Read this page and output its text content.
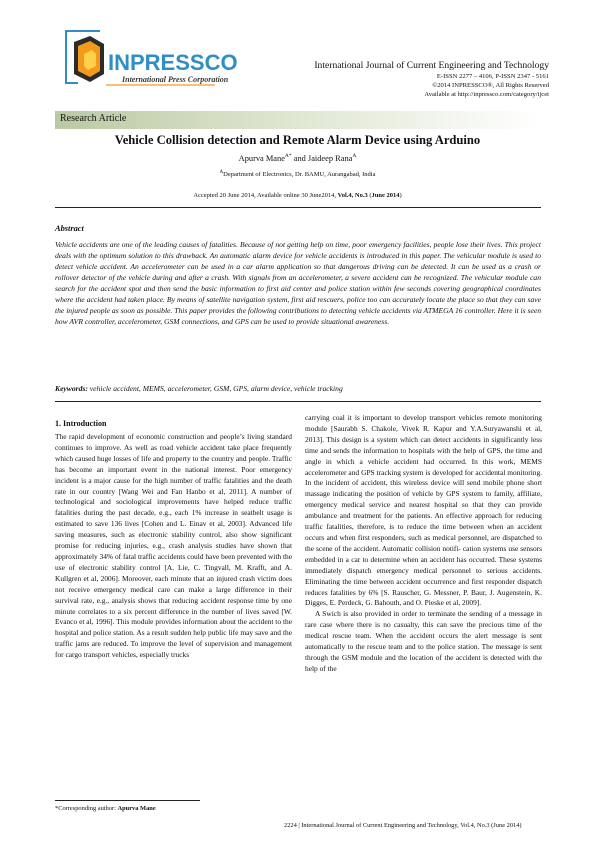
INPRESSCO
International Press Corporation
International Journal of Current Engineering and Technology
E-ISSN 2277 – 4106, P-ISSN 2347 - 5161
©2014 INPRESSCO®, All Rights Reserved
Available at http://inpressco.com/category/ijcet
Research Article
Vehicle Collision detection and Remote Alarm Device using Arduino
Apurva Mane$^{A*}$ and Jaideep Rana$^A$
$^A$Department of Electronics, Dr. BAMU, Aurangabad, India
Accepted 20 June 2014, Available online 30 June2014, Vol.4, No.3 (June 2014)
Abstract
Vehicle accidents are one of the leading causes of fatalities. Because of not getting help on time, poor emergency facilities, people lose their lives. This project deals with the optimum solution to this drawback. An automatic alarm device for vehicle accidents is introduced in this paper. The vehicular module is used to detect vehicle accident. An accelerometer can be used in a car alarm application so that dangerous driving can be detected. It can be used as a crash or rollover detector of the vehicle during and after a crash. With signals from an accelerometer, a severe accident can be recognized. The vehicular module can search for the accident spot and then send the basic information to first aid center and police station within few seconds covering geographical coordinates where the accident had taken place. By means of satellite navigation system, first aid rescuers, police too can accurately locate the place so that they can save the injured people as soon as possible. This paper provides the following contributions to detecting vehicle accidents via ATMEGA 16 controller. Here it is seen how AVR controller, accelerometer, GSM connections, and GPS can be used to provide situational awareness.
Keywords: vehicle accident, MEMS, accelerometer, GSM, GPS, alarm device, vehicle tracking
1. Introduction

The rapid development of economic construction and people’s living standard continues to improve. As well as road vehicle accident take place frequently which caused huge losses of life and property to the country and people. Traffic has become an important event in the national interest. Poor emergency incident is a major cause for the high number of traffic fatalities and the death rate in our country [Wang Wei and Fan Hanbo et al, 2011]. A number of technological and sociological improvements have helped reduce traffic fatalities during the past decade, e.g., each 1% increase in seatbelt usage is estimated to save 136 lives [Cohen and L. Einav et al, 2003]. Advanced life saving measures, such as electronic stability control, also show significant promise for reducing injuries, e.g., crash analysis studies have shown that approximately 34% of fatal traffic accidents could have been prevented with the use of electronic stability control [A. Lie, C. Tingvall, M. Krafft, and A. Kullgren et al, 2006]. Moreover, each minute that an injured crash victim does not receive emergency medical care can make a large difference in their survival rate, e.g., analysis shows that reducing accident response time by one minute correlates to a six percent difference in the number of lives saved [W. Evanco et al, 1996]. This module provides information about the accident to the hospital and police station. As a result sudden help public life may save and the traffic jams are reduced. To improve the level of supervision and management for cargo transport vehicles, especially trucks

carrying coal it is important to develop transport vehicles remote monitoring module [Saurabh S. Chakole, Vivek R. Kapur and Y.A.Suryawanshi et al, 2013]. This design is a system which can detect accidents in significantly less time and sends the information to hospitals with the help of GPS, the time and angle in which a vehicle accident had occurred. In this work, MEMS accelerometer and GPS tracking system is developed for accidental monitoring. In the incident of accident, this wireless device will send mobile phone short massage indicating the position of vehicle by GPS system to family, affiliate, emergency medical service and nearest hospital so that they can provide ambulance and treatment for the patients. An effective approach for reducing traffic fatalities, therefore, is to reduce the time between when an accident occurs and when first responders, such as medical personnel, are dispatched to the scene of the accident. Automatic collision notifi- cation systems use sensors embedded in a car to determine when an accident has occurred. These systems immediately dispatch emergency medical personnel to serious accidents. Eliminating the time between accident occurrence and first responder dispatch reduces fatalities by 6% [S. Rauscher, G. Messner, P. Baur, J. Augenstein, K. Digges, E. Perdeck, G. Bahouth, and O. Pieske et al, 2009].

A Swich is also provided in order to terminate the sending of a message in rare case where there is no casualty, this can save the precious time of the medical rescue team. When the accident occurs the alert message is sent automatically to the rescue team and to the police station. The message is sent through the GSM module and the location of the accident is detected with the help of the

*Corresponding author: Apurva Mane
2224 | International Journal of Current Engineering and Technology, Vol.4, No.3 (June 2014)
